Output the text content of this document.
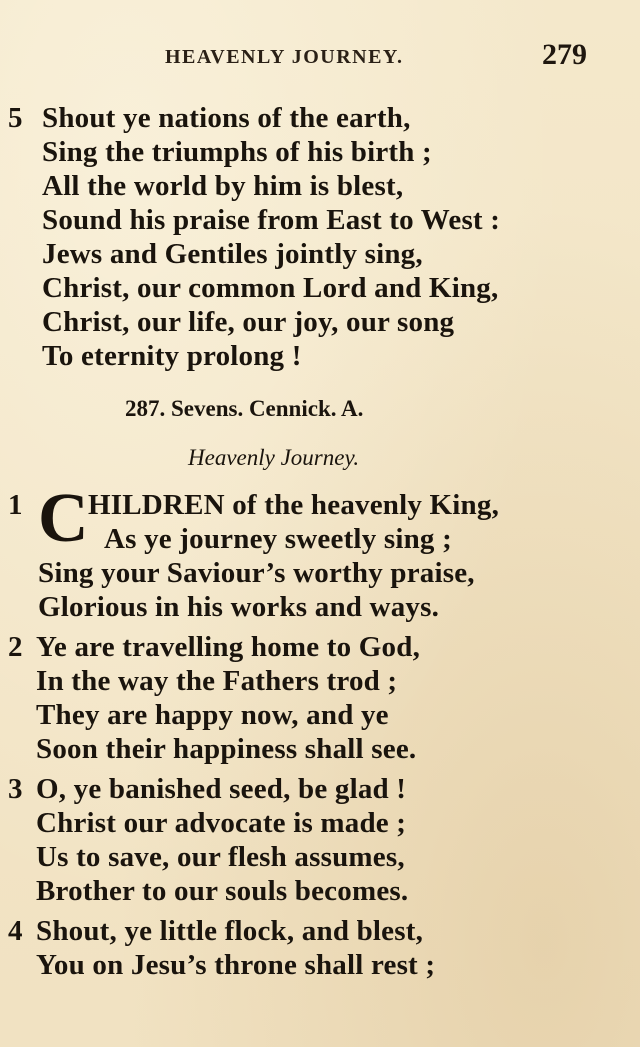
HEAVENLY JOURNEY.	279
5 Shout ye nations of the earth,
Sing the triumphs of his birth ;
All the world by him is blest,
Sound his praise from East to West :
Jews and Gentiles jointly sing,
Christ, our common Lord and King,
Christ, our life, our joy, our song
To eternity prolong !
287. Sevens. Cennick. A.
Heavenly Journey.
1 HILDREN of the heavenly King,
As ye journey sweetly sing ;
Sing your Saviour’s worthy praise,
Glorious in his works and ways.
C
2 Ye are travelling home to God,
In the way the Fathers trod ;
They are happy now, and ye
Soon their happiness shall see.
3 O, ye banished seed, be glad !
Christ our advocate is made ;
Us to save, our flesh assumes,
Brother to our souls becomes.
4 Shout, ye little flock, and blest,
You on Jesu’s throne shall rest ;
